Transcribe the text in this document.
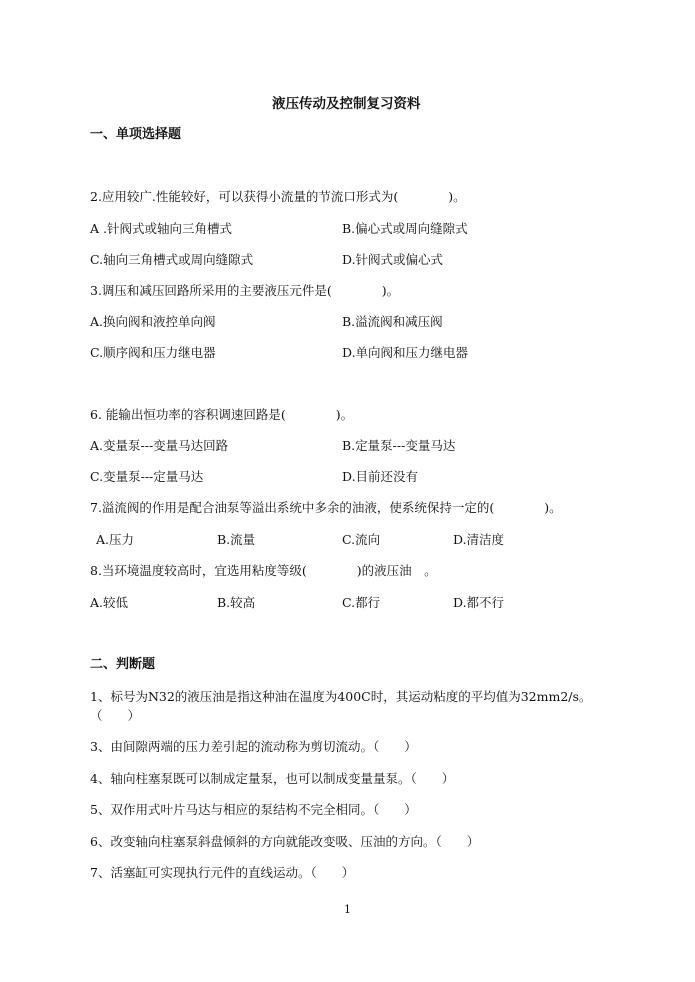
液压传动及控制复习资料
一、单项选择题
2.应用较广.性能较好，可以获得小流量的节流口形式为(　　　　)。
A .针阀式或轴向三角槽式	B.偏心式或周向缝隙式
C.轴向三角槽式或周向缝隙式	D.针阀式或偏心式
3.调压和减压回路所采用的主要液压元件是(　　　　)。
A.换向阀和液控单向阀	B.溢流阀和减压阀
C.顺序阀和压力继电器	D.单向阀和压力继电器
6. 能输出恒功率的容积调速回路是(　　　　)。
A.变量泵---变量马达回路	B.定量泵---变量马达
C.变量泵---定量马达	D.目前还没有
7.溢流阀的作用是配合油泵等溢出系统中多余的油液，使系统保持一定的(　　　　)。
A.压力	B.流量	C.流向	D.清洁度
8.当环境温度较高时，宜选用粘度等级(　　　　)的液压油　。
A.较低	B.较高	C.都行	D.都不行
二、判断题
1、标号为N32的液压油是指这种油在温度为400C时，其运动粘度的平均值为32mm2/s。
（　　）
3、由间隙两端的压力差引起的流动称为剪切流动。（　　）
4、轴向柱塞泵既可以制成定量泵，也可以制成变量量泵。（　　）
5、双作用式叶片马达与相应的泵结构不完全相同。（　　）
6、改变轴向柱塞泵斜盘倾斜的方向就能改变吸、压油的方向。（　　）
7、活塞缸可实现执行元件的直线运动。（　　）
1
